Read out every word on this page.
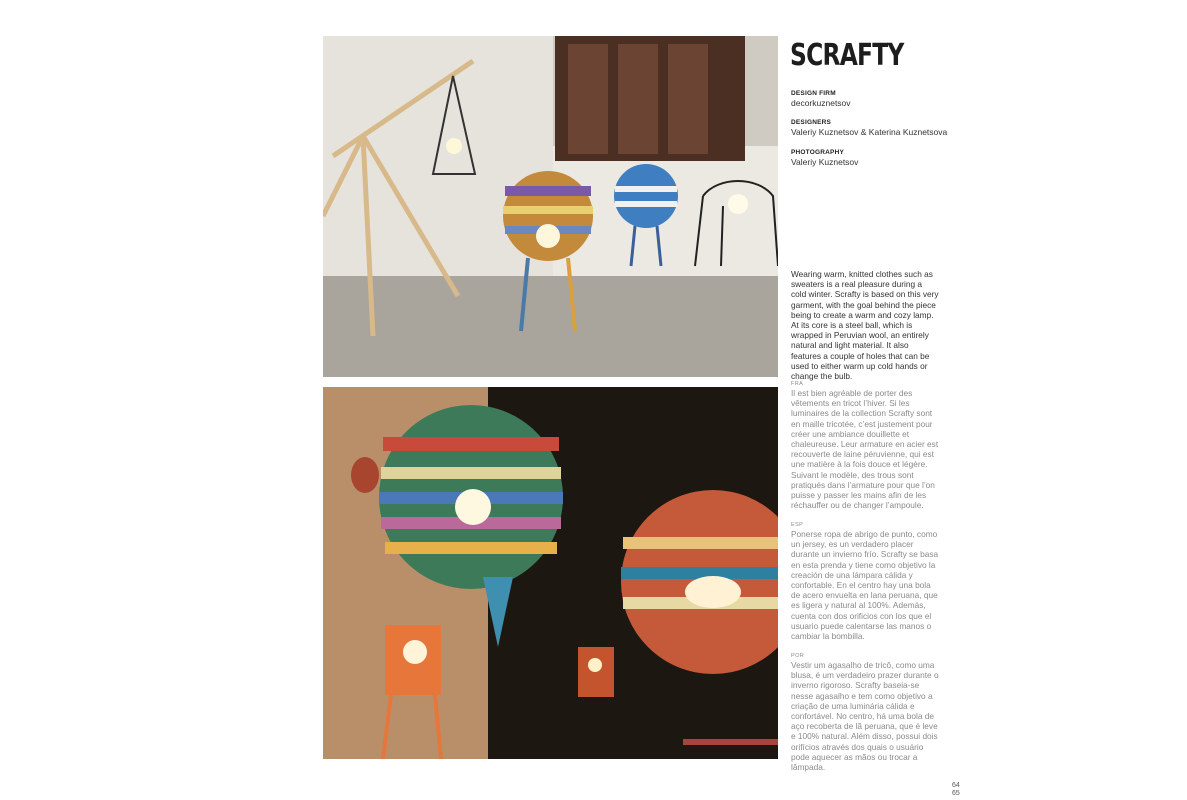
SCRAFTY
DESIGN FIRM
decorkuznetsov
DESIGNERS
Valeriy Kuznetsov & Katerina Kuznetsova
PHOTOGRAPHY
Valeriy Kuznetsov
Wearing warm, knitted clothes such as sweaters is a real pleasure during a cold winter. Scrafty is based on this very garment, with the goal behind the piece being to create a warm and cozy lamp. At its core is a steel ball, which is wrapped in Peruvian wool, an entirely natural and light material. It also features a couple of holes that can be used to either warm up cold hands or change the bulb.
FRA
Il est bien agréable de porter des vêtements en tricot l’hiver. Si les luminaires de la collection Scrafty sont en maille tricotée, c’est justement pour créer une ambiance douillette et chaleureuse. Leur armature en acier est recouverte de laine péruvienne, qui est une matière à la fois douce et légère. Suivant le modèle, des trous sont pratiqués dans l’armature pour que l’on puisse y passer les mains afin de les réchauffer ou de changer l’ampoule.
ESP
Ponerse ropa de abrigo de punto, como un jersey, es un verdadero placer durante un invierno frío. Scrafty se basa en esta prenda y tiene como objetivo la creación de una lámpara cálida y confortable. En el centro hay una bola de acero envuelta en lana peruana, que es ligera y natural al 100%. Además, cuenta con dos orificios con los que el usuario puede calentarse las manos o cambiar la bombilla.
POR
Vestir um agasalho de tricô, como uma blusa, é um verdadeiro prazer durante o inverno rigoroso. Scrafty baseia-se nesse agasalho e tem como objetivo a criação de uma luminária cálida e confortável. No centro, há uma bola de aço recoberta de lã peruana, que é leve e 100% natural. Além disso, possui dois orifícios através dos quais o usuário pode aquecer as mãos ou trocar a lâmpada.
64
65
